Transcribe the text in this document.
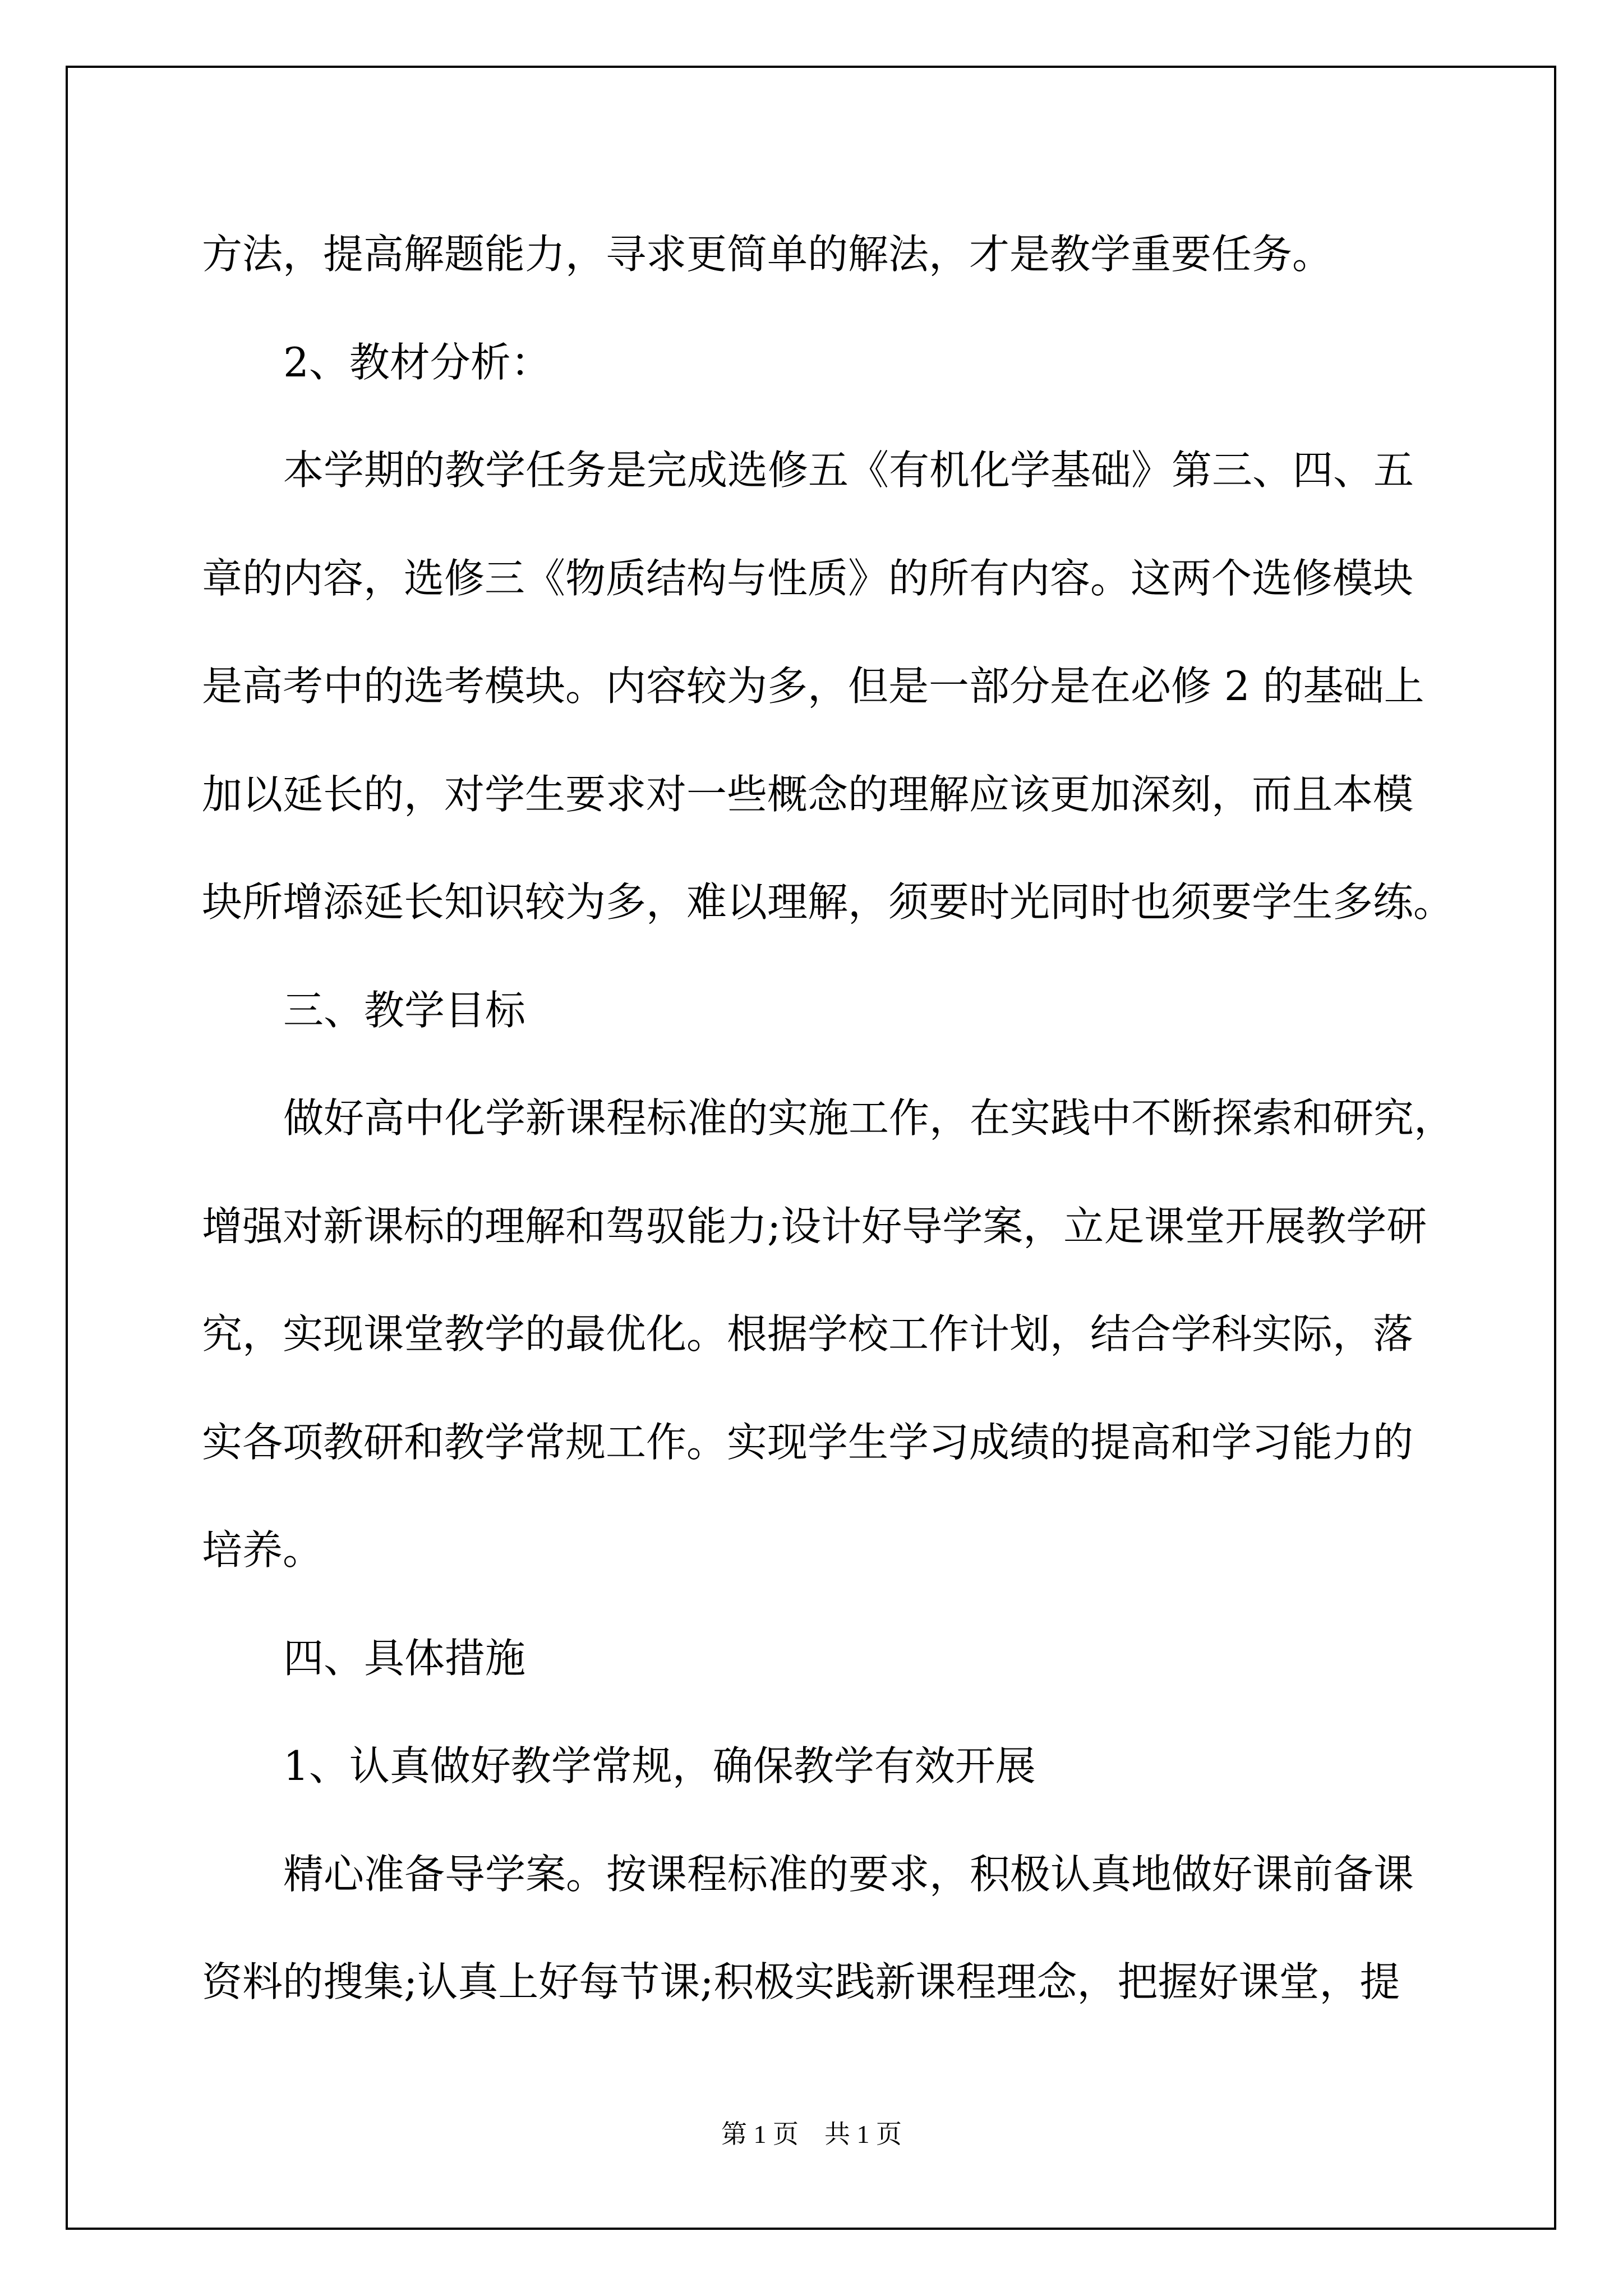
方法，提高解题能力，寻求更简单的解法，才是教学重要任务。

2、教材分析：

本学期的教学任务是完成选修五《有机化学基础》第三、四、五

章的内容，选修三《物质结构与性质》的所有内容。这两个选修模块

是高考中的选考模块。内容较为多，但是一部分是在必修 2 的基础上

加以延长的，对学生要求对一些概念的理解应该更加深刻，而且本模

块所增添延长知识较为多，难以理解，须要时光同时也须要学生多练。

三、教学目标

做好高中化学新课程标准的实施工作，在实践中不断探索和研究，

增强对新课标的理解和驾驭能力;设计好导学案，立足课堂开展教学研

究，实现课堂教学的最优化。根据学校工作计划，结合学科实际，落

实各项教研和教学常规工作。实现学生学习成绩的提高和学习能力的

培养。

四、具体措施

1、认真做好教学常规，确保教学有效开展

精心准备导学案。按课程标准的要求，积极认真地做好课前备课

资料的搜集;认真上好每节课;积极实践新课程理念，把握好课堂，提

第 1 页　共 1 页
